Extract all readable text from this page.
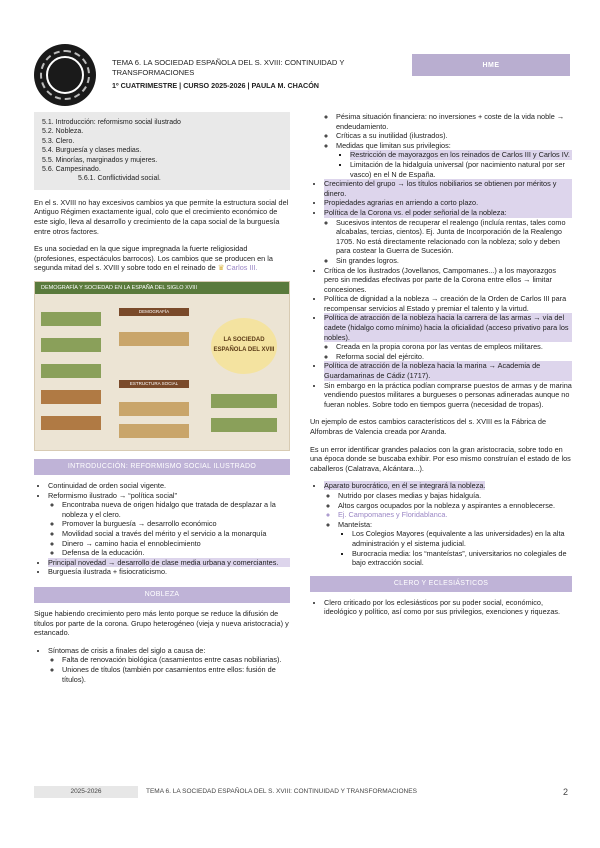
TEMA 6. LA SOCIEDAD ESPAÑOLA DEL S. XVIII: CONTINUIDAD Y TRANSFORMACIONES
1º CUATRIMESTRE | CURSO 2025-2026 | PAULA M. CHACÓN
HME
5.1. Introducción: reformismo social ilustrado
5.2. Nobleza.
5.3. Clero.
5.4. Burguesía y clases medias.
5.5. Minorías, marginados y mujeres.
5.6. Campesinado.
5.6.1. Conflictividad social.

En el s. XVIII no hay excesivos cambios ya que permite la estructura social del Antiguo Régimen exactamente igual, colo que el crecimiento económico de este siglo, lleva al desarrollo y crecimiento de la capa social de la burguesía entre otros factores.

Es una sociedad en la que sigue impregnada la fuerte religiosidad (profesiones, espectáculos barrocos). Los cambios que se producen en la segunda mitad del s. XVIII y sobre todo en el reinado de ♛ Carlos III.

DEMOGRAFÍA Y SOCIEDAD EN LA ESPAÑA DEL SIGLO XVIII
DEMOGRAFÍA
ESTRUCTURA SOCIAL
LA SOCIEDAD ESPAÑOLA DEL XVIII
INTRODUCCIÓN: REFORMISMO SOCIAL ILUSTRADO
• Continuidad de orden social vigente.
• Reformismo ilustrado → “política social”
◦ Encontraba nueva de origen hidalgo que tratada de desplazar a la nobleza y el clero.
◦ Promover la burguesía → desarrollo económico
◦ Movilidad social a través del mérito y el servicio a la monarquía
◦ Dinero → camino hacia el ennoblecimiento
◦ Defensa de la educación.
• Principal novedad → desarrollo de clase media urbana y comerciantes.
• Burguesía ilustrada + fisiocraticismo.
NOBLEZA

Sigue habiendo crecimiento pero más lento porque se reduce la difusión de títulos por parte de la corona. Grupo heterogéneo (vieja y nueva aristocracia) y estancado.

• Síntomas de crisis a finales del siglo a causa de:
◦ Falta de renovación biológica (casamientos entre casas nobiliarias).
◦ Uniones de títulos (también por casamientos entre ellos: fusión de títulos).
◦ Pésima situación financiera: no inversiones + coste de la vida noble → endeudamiento.
◦ Críticas a su inutilidad (ilustrados).
◦ Medidas que limitan sus privilegios:
▪ Restricción de mayorazgos en los reinados de Carlos III y Carlos IV.
▪ Limitación de la hidalguía universal (por nacimiento natural por ser vasco) en el N de España.
• Crecimiento del grupo → los títulos nobiliarios se obtienen por méritos y dinero.
• Propiedades agrarias en arriendo a corto plazo.
• Política de la Corona vs. el poder señorial de la nobleza:
◦ Sucesivos intentos de recuperar el realengo (incluía rentas, tales como alcabalas, tercias, cientos). Ej. Junta de Incorporación de la Realengo 1705. No está directamente relacionado con la nobleza; solo y deben para costear la Guerra de Sucesión.
◦ Sin grandes logros.
• Crítica de los ilustrados (Jovellanos, Campomanes...) a los mayorazgos pero sin medidas efectivas por parte de la Corona entre ellos → limitar concesiones.
• Política de dignidad a la nobleza → creación de la Orden de Carlos III para recompensar servicios al Estado y premiar el talento y la virtud.
• Política de atracción de la nobleza hacia la carrera de las armas → vía del cadete (hidalgo como mínimo) hacia la oficialidad (acceso privativo para los nobles).
◦ Creada en la propia corona por las ventas de empleos militares.
◦ Reforma social del ejército.
• Política de atracción de la nobleza hacia la marina → Academia de Guardamarinas de Cádiz (1717).
• Sin embargo en la práctica podían comprarse puestos de armas y de marina vendiendo puestos militares a burgueses o personas adineradas aunque no fueran nobles. Sobre todo en tiempos guerra (necesidad de tropas).

Un ejemplo de estos cambios característicos del s. XVIII es la Fábrica de Alfombras de Valencia creada por Aranda.

Es un error identificar grandes palacios con la gran aristocracia, sobre todo en una época donde se buscaba exhibir. Por eso mismo construían el estado de los caballeros (Calatrava, Alcántara...).

• Aparato burocrático, en él se integrará la nobleza.
◦ Nutrido por clases medias y bajas hidalguía.
◦ Altos cargos ocupados por la nobleza y aspirantes a ennoblecerse.
◦ Ej. Campomanes y Floridablanca.
◦ Manteísta:
▪ Los Colegios Mayores (equivalente a las universidades) en la alta administración y el sistema judicial.
▪ Burocracia media: los “manteístas”, universitarios no colegiales de bajo extracción social.
CLERO Y ECLESIÁSTICOS
• Clero criticado por los eclesiásticos por su poder social, económico, ideológico y político, así como por sus privilegios, exenciones y riquezas.
2025-2026	TEMA 6. LA SOCIEDAD ESPAÑOLA DEL S. XVIII: CONTINUIDAD Y TRANSFORMACIONES	2
